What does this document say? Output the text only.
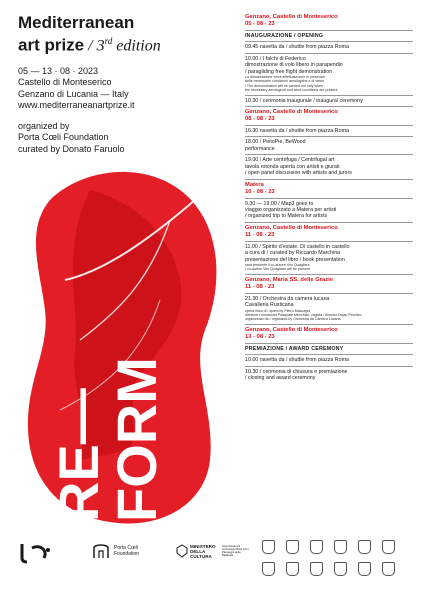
Mediterranean
art prize / 3rd edition
05 — 13 · 08 · 2023
Castello di Monteserico
Genzano di Lucania — Italy
www.mediterraneanartprize.it
organized by
Porta Cœli Foundation
curated by Donato Faruolo
RE—
FORM
Genzano, Castello di Monteserico
05 - 08 - 23
INAUGURAZIONE / OPENING
09.45 navetta da / shuttle from piazza Roma
10.00 / I falchi di Federico
dimostrazione di volo libero in parapendio
/ paragliding free flight demonstration
La dimostrazione verrà effettuata solo in presenza
delle necessarie condizioni aerologiche e di vento
/ The demonstration will be carried out only when
the necessary aerological and wind conditions are present
10.30 / cerimonia inaugurale / inaugural ceremony
Genzano, Castello di Monteserico
08 - 08 - 23
16.30 navetta da / shuttle from piazza Roma
18.00 / PietoPie, BeWood
performance
19.00 / Arte centrifuga / Centrifugal art
tavola rotonda aperta con artisti e giurati
/ open panel discussion with artists and jurors
Matera
10 - 08 - 23
9.30 — 19.00 / Map3 goes to
viaggio organizzato a Matera per artisti
/ organized trip to Matera for artists
Genzano, Castello di Monteserico
11 - 08 - 23
11.00 / Spirito d'estate. Di castello in castello
a cura di / curated by Riccardo Marchina
presentazione del libro / book presentation
sarà presente il co-autore Vito Quagliara
/ co-author Vito Quagliara will be present
Genzano, Maria SS. delle Grazie
11 - 08 - 23
21.30 / Orchestra da camera lucana
Cavalleria Rusticana
opera lirica di / opera by Pietro Mascagni
direttore / conductor Pasquale Menchise, regista / director Dejan Prochev
organizzato da / organized by Orchestra da Camera Lucana
Genzano, Castello di Monteserico
13 - 08 - 23
PREMIAZIONE / AWARD CEREMONY
10.00 navetta da / shuttle from piazza Roma
10.30 / cerimonia di chiusura e premiazione
/ closing and award ceremony
Porta Cœli
Foundation
MINISTERO
DELLA
CULTURA
Soprintendenza Archeologia Belle Arti e Paesaggio della Basilicata
